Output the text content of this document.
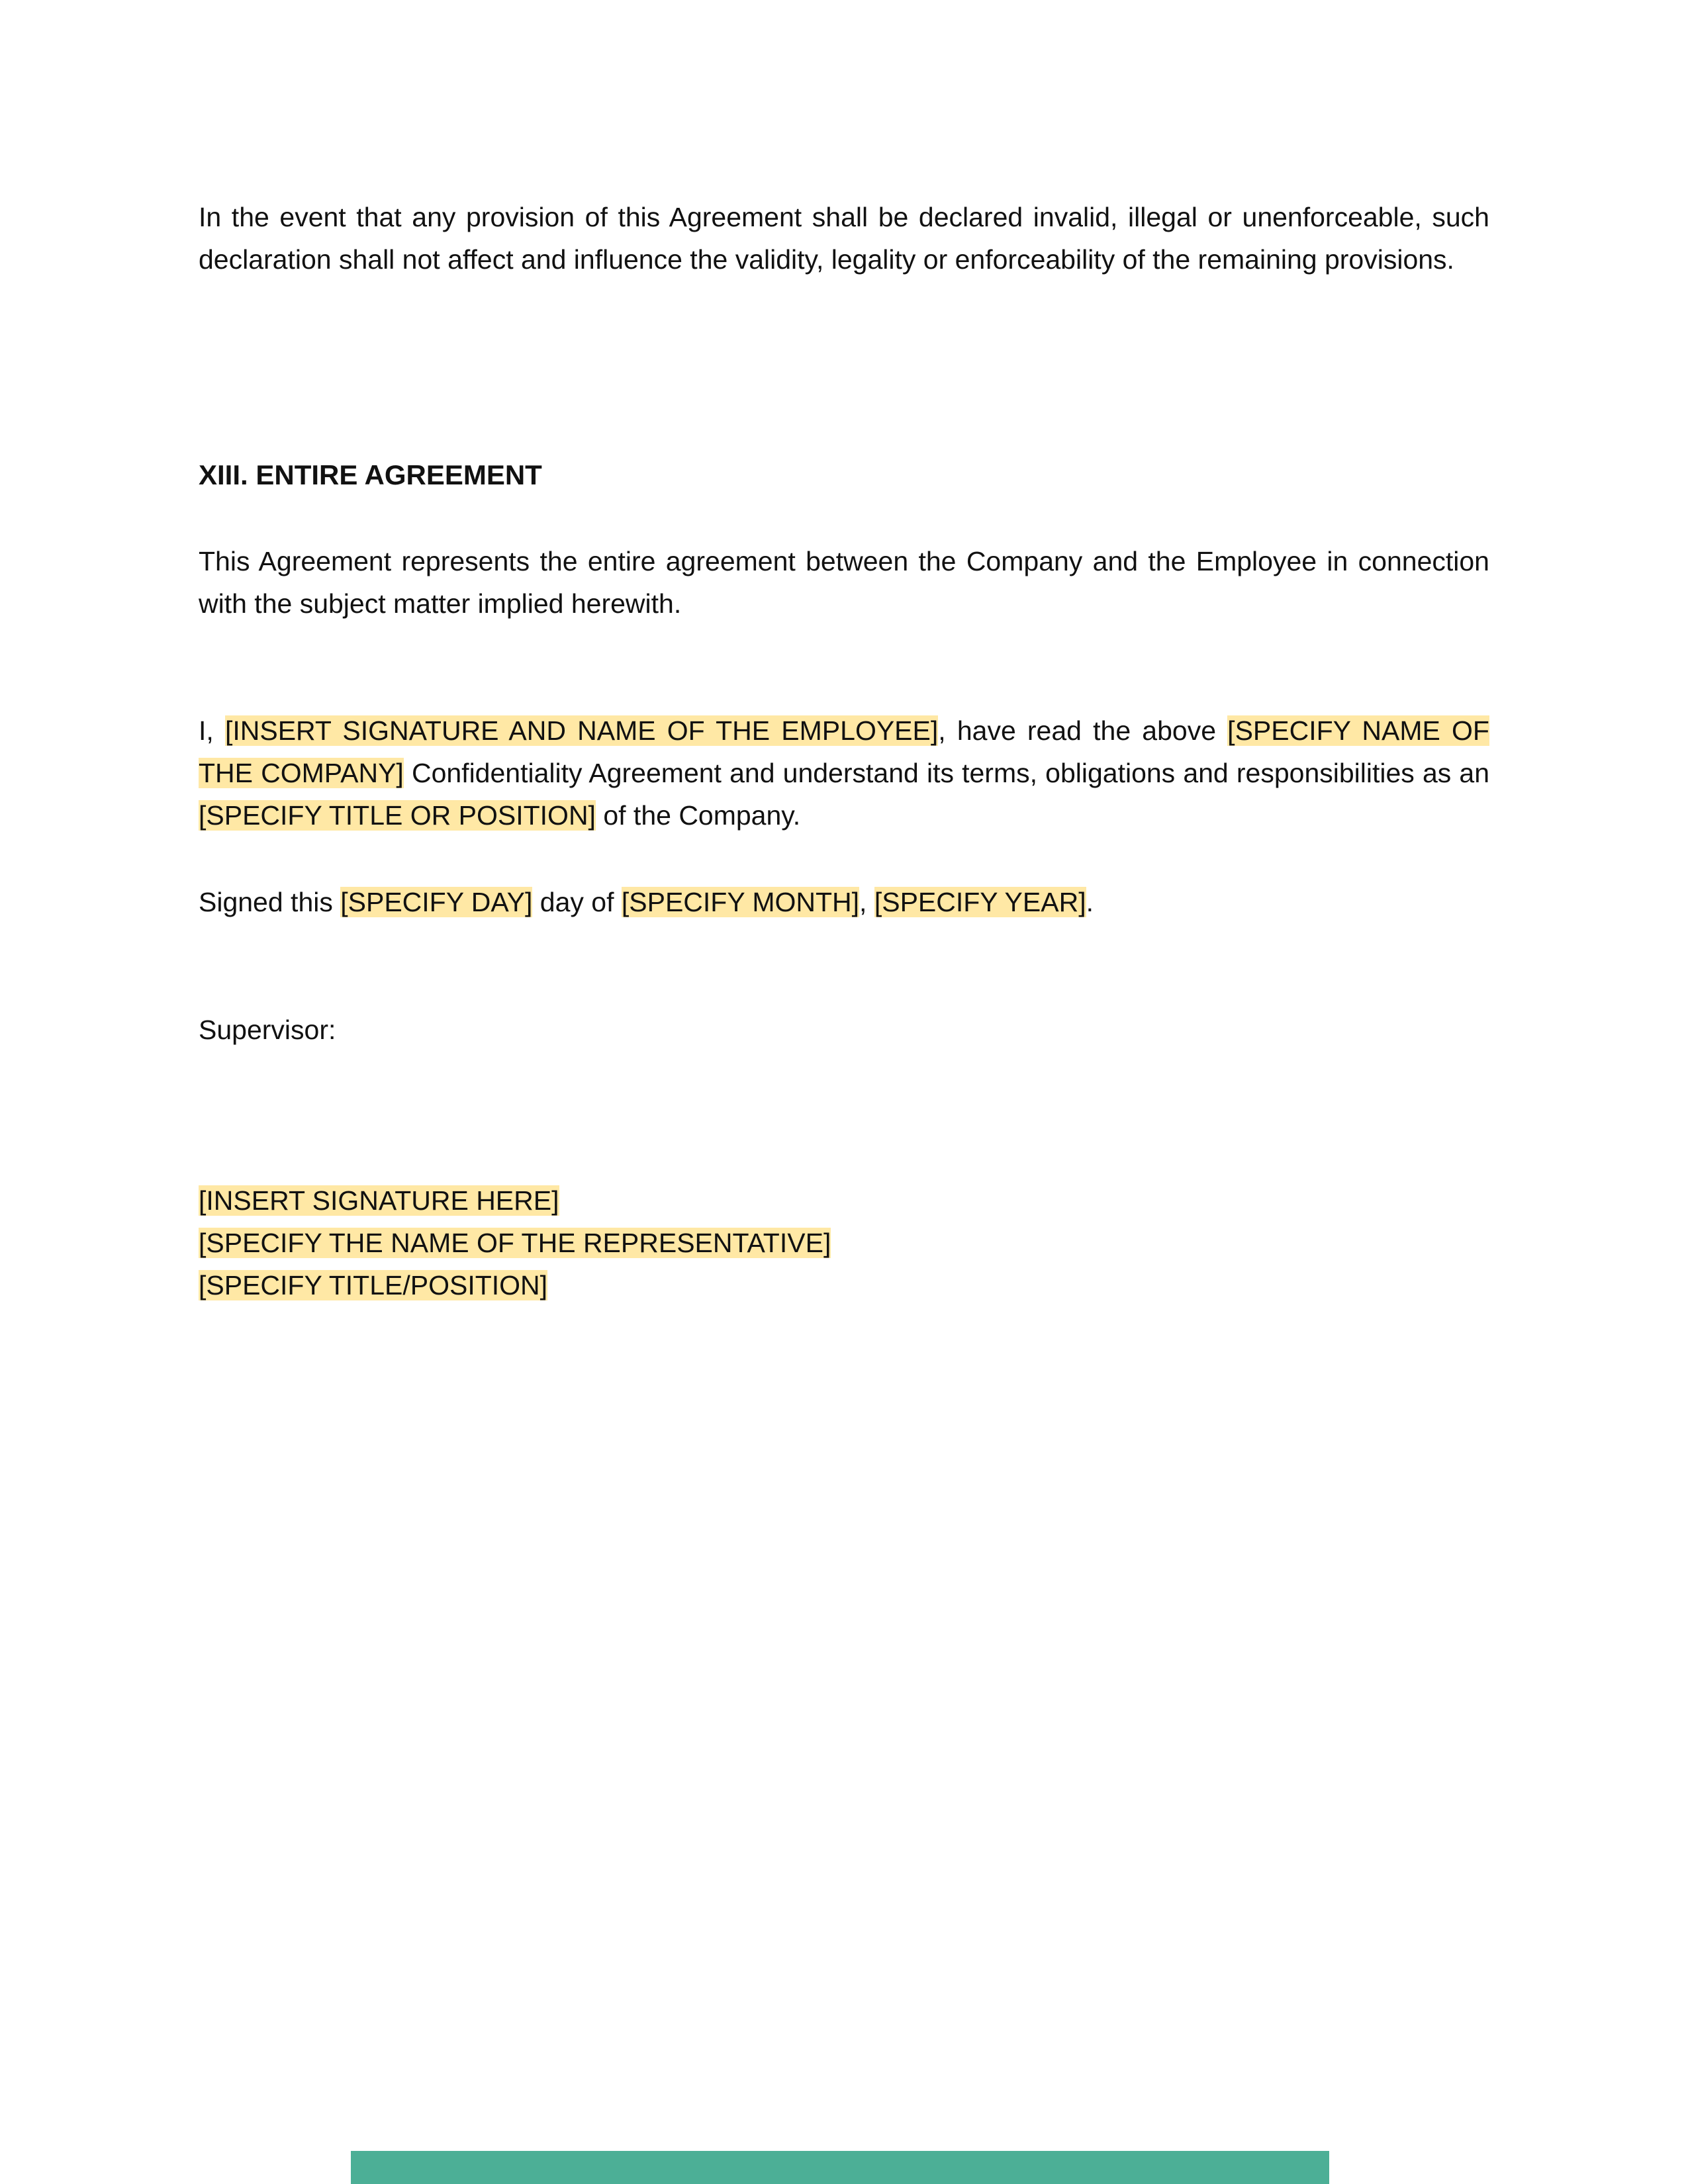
In the event that any provision of this Agreement shall be declared invalid, illegal or unenforceable, such declaration shall not affect and influence the validity, legality or enforceability of the remaining provisions.

XIII. ENTIRE AGREEMENT

This Agreement represents the entire agreement between the Company and the Employee in connection with the subject matter implied herewith.

I, [INSERT SIGNATURE AND NAME OF THE EMPLOYEE], have read the above [SPECIFY NAME OF THE COMPANY] Confidentiality Agreement and understand its terms, obligations and responsibilities as an [SPECIFY TITLE OR POSITION] of the Company.

Signed this [SPECIFY DAY] day of [SPECIFY MONTH], [SPECIFY YEAR].

Supervisor:

[INSERT SIGNATURE HERE]
[SPECIFY THE NAME OF THE REPRESENTATIVE]
[SPECIFY TITLE/POSITION]
